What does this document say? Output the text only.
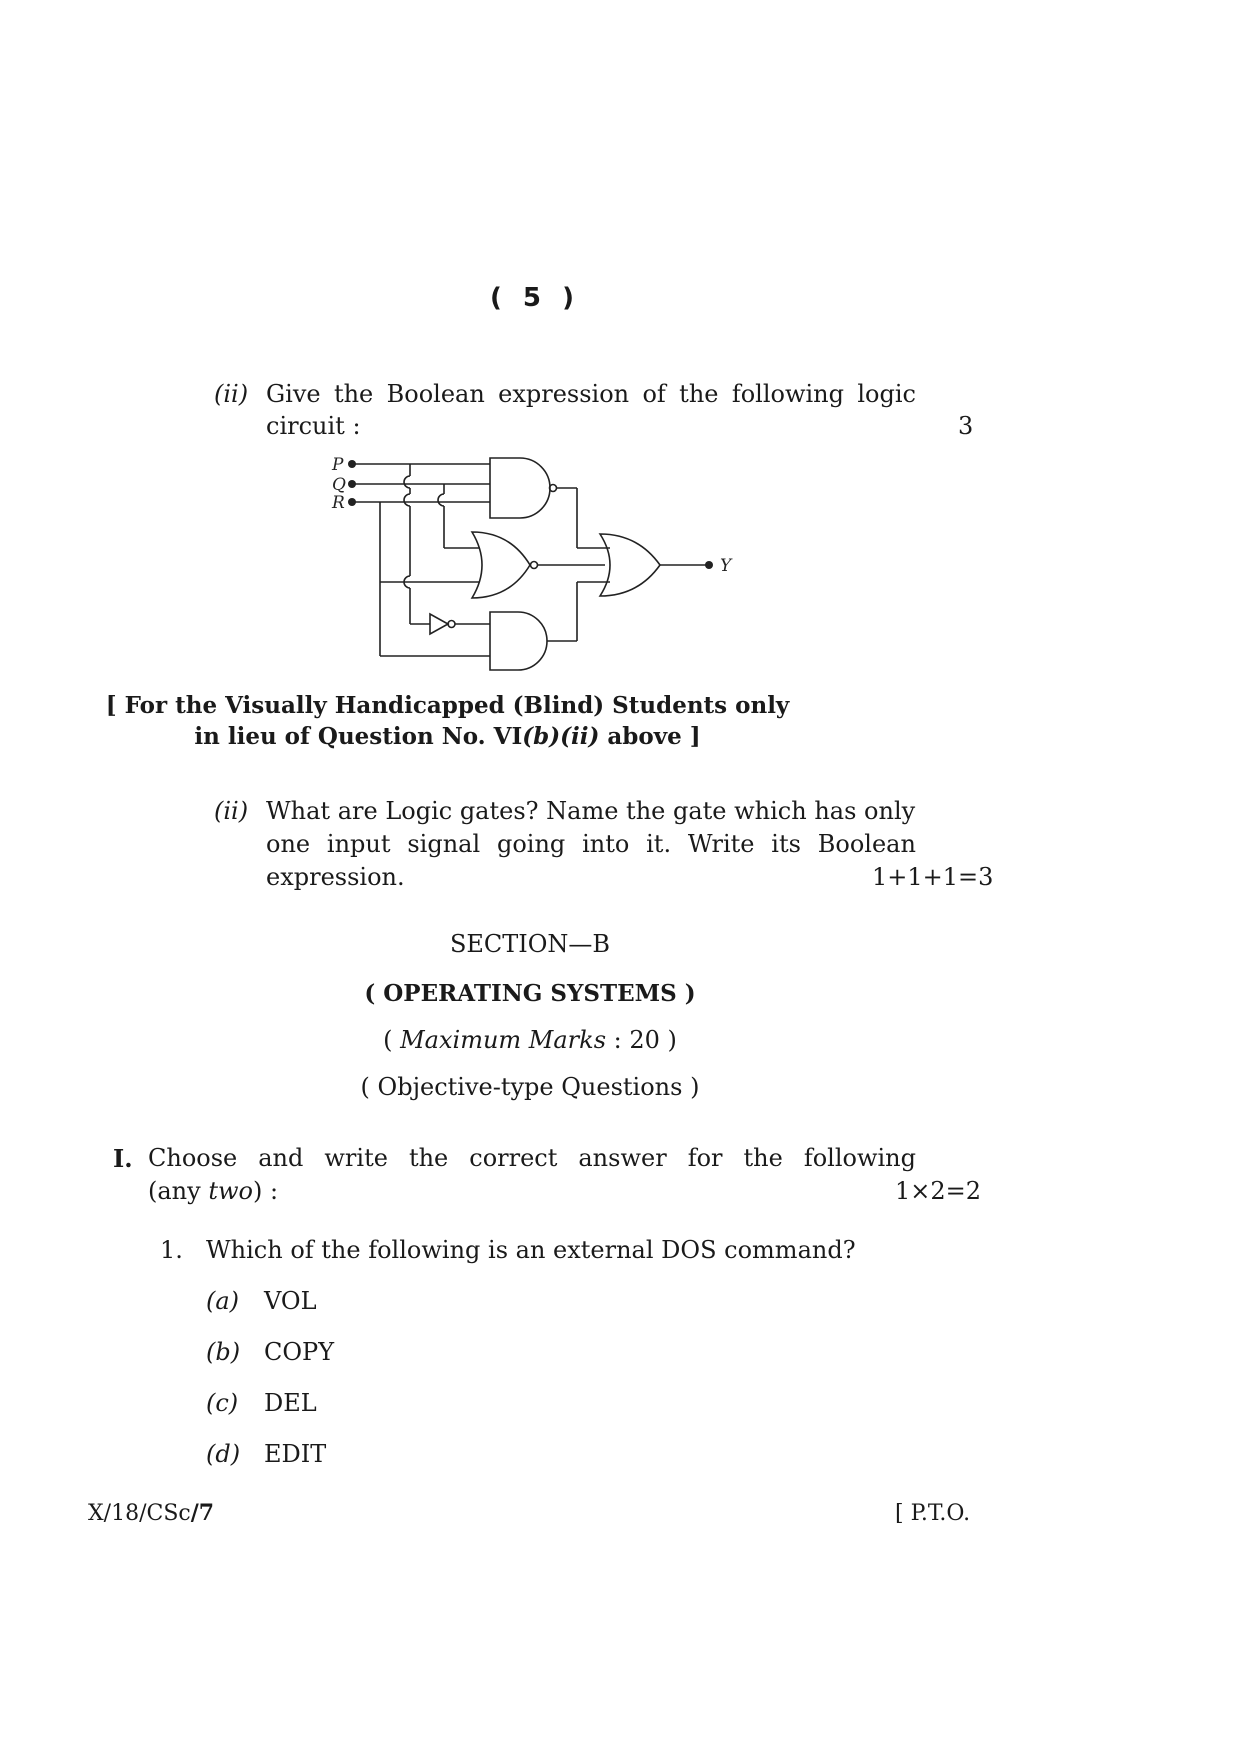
( 5 )
(ii) Give the Boolean expression of the following logic
circuit :	3
P
Q
R
Y
[ For the Visually Handicapped (Blind) Students only
in lieu of Question No. VI(b)(ii) above ]
(ii) What are Logic gates? Name the gate which has only
one input signal going into it. Write its Boolean
expression.	1+1+1=3
SECTION—B
( OPERATING SYSTEMS )
( Maximum Marks : 20 )
( Objective-type Questions )
I. Choose and write the correct answer for the following
(any two) :	1×2=2
1. Which of the following is an external DOS command?
(a) VOL
(b) COPY
(c) DEL
(d) EDIT
X/18/CSc/7	[ P.T.O.
